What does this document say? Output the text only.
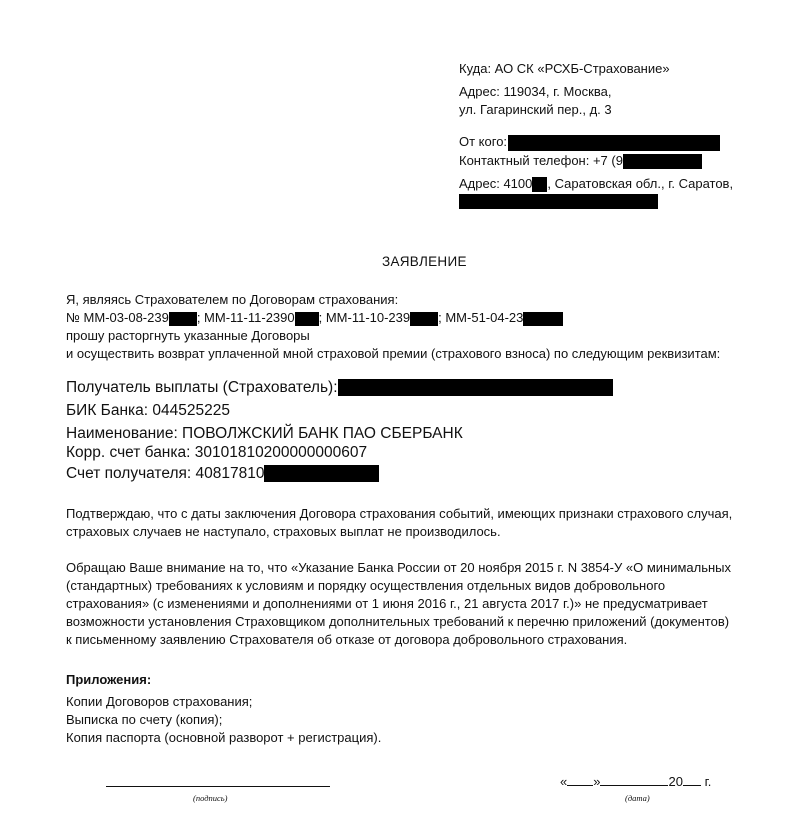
Куда: АО СК «РСХБ-Страхование»
Адрес: 119034, г. Москва,
ул. Гагаринский пер., д. 3
От кого:
Контактный телефон: +7 (9
Адрес: 4100 , Саратовская обл., г. Саратов,
ЗАЯВЛЕНИЕ
Я, являясь Страхователем по Договорам страхования:
№ ММ-03-08-239 ; ММ-11-11-2390 ; ММ-11-10-239 ; ММ-51-04-23
прошу расторгнуть указанные Договоры
и осуществить возврат уплаченной мной страховой премии (страхового взноса) по следующим реквизитам:
Получатель выплаты (Страхователь):
БИК Банка: 044525225
Наименование: ПОВОЛЖСКИЙ БАНК ПАО СБЕРБАНК
Корр. счет банка: 30101810200000000607
Счет получателя: 40817810
Подтверждаю, что с даты заключения Договора страхования событий, имеющих признаки страхового случая,
страховых случаев не наступало, страховых выплат не производилось.
Обращаю Ваше внимание на то, что «Указание Банка России от 20 ноября 2015 г. N 3854-У «О минимальных
(стандартных) требованиях к условиям и порядку осуществления отдельных видов добровольного
страхования» (с изменениями и дополнениями от 1 июня 2016 г., 21 августа 2017 г.)» не предусматривает
возможности установления Страховщиком дополнительных требований к перечню приложений (документов)
к письменному заявлению Страхователя об отказе от договора добровольного страхования.
Приложения:
Копии Договоров страхования;
Выписка по счету (копия);
Копия паспорта (основной разворот + регистрация).
(подпись)
« »	20 г.
(дата)
